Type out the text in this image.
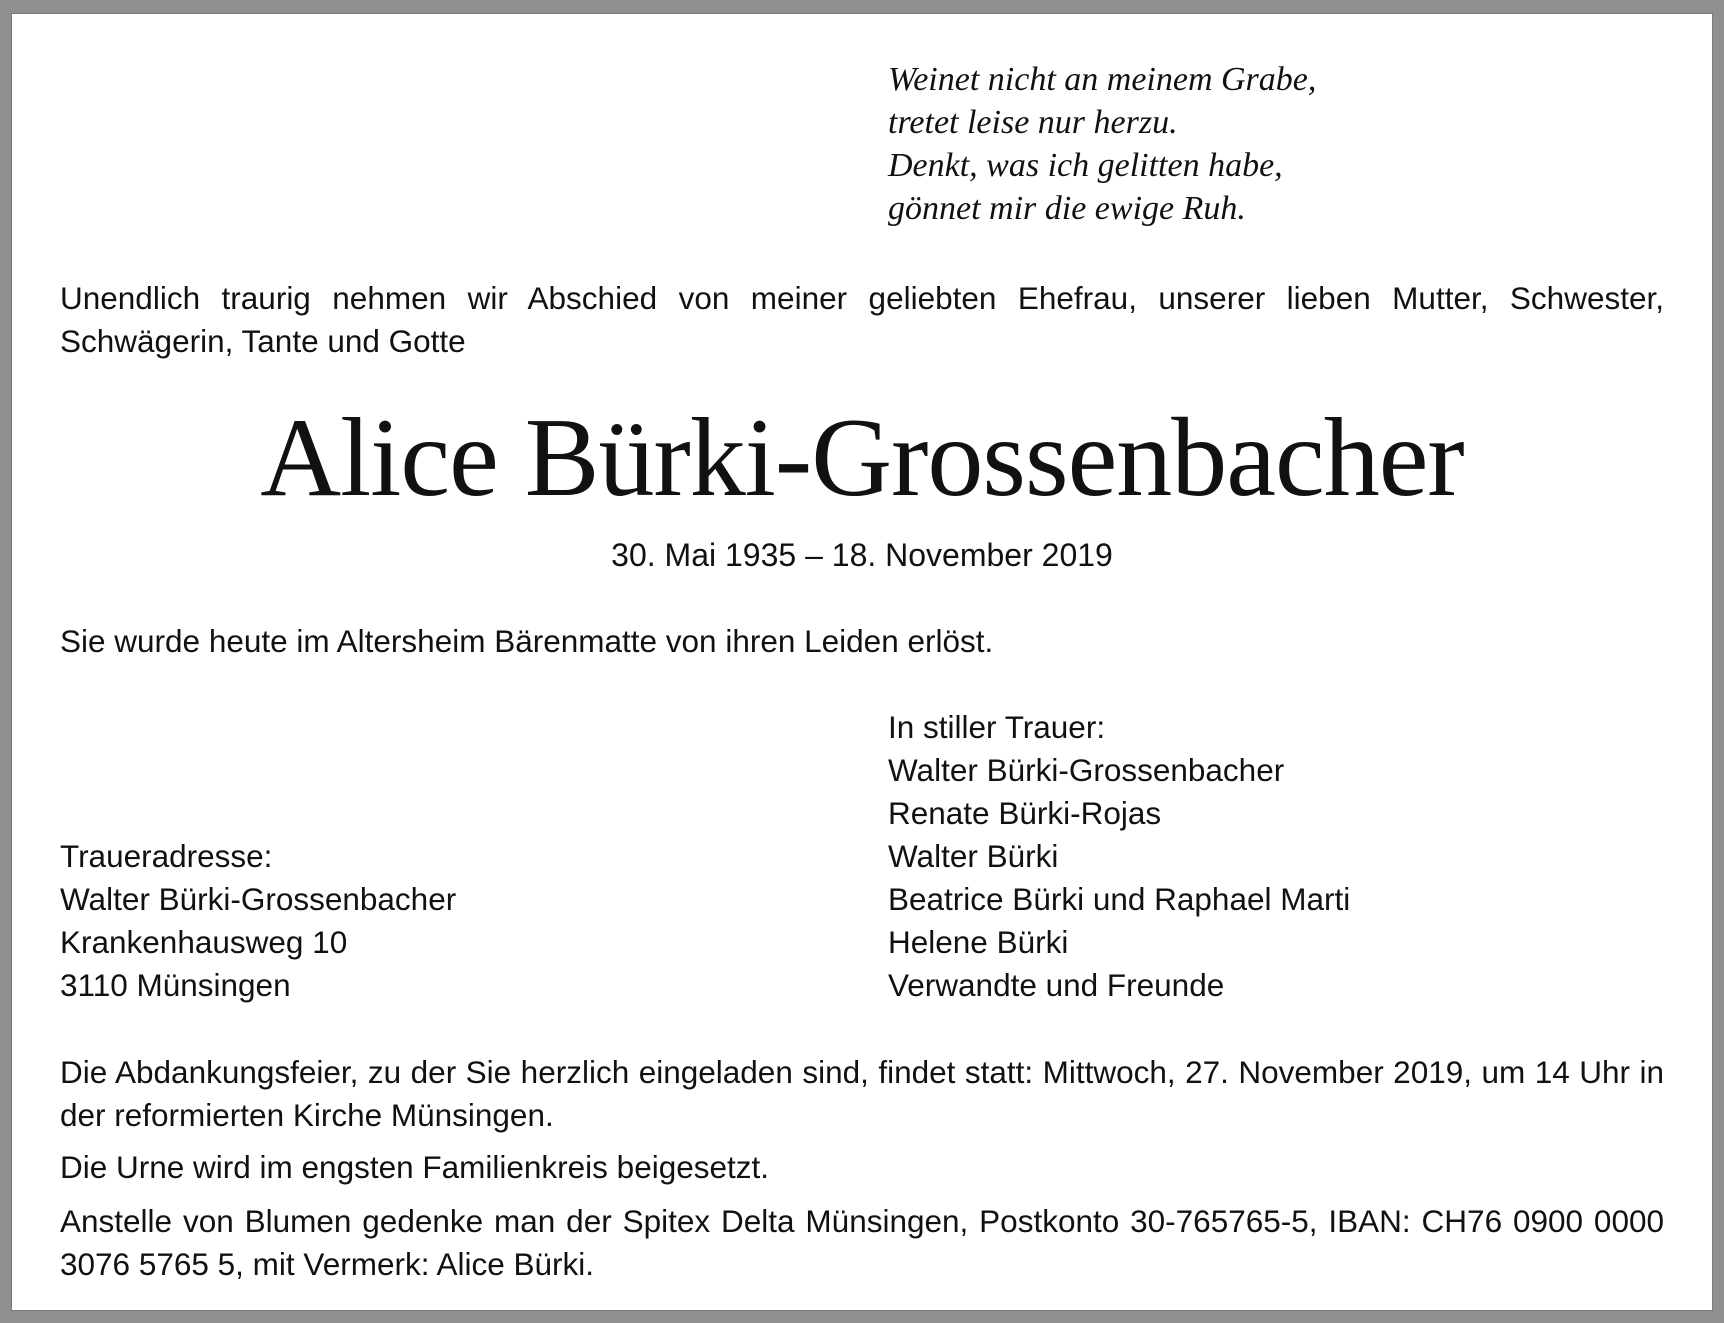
Weinet nicht an meinem Grabe,
tretet leise nur herzu.
Denkt, was ich gelitten habe,
gönnet mir die ewige Ruh.
Unendlich traurig nehmen wir Abschied von meiner geliebten Ehefrau, unserer lieben Mutter, Schwester, Schwägerin, Tante und Gotte
Alice Bürki-Grossenbacher
30. Mai 1935 – 18. November 2019
Sie wurde heute im Altersheim Bärenmatte von ihren Leiden erlöst.
In stiller Trauer:
Walter Bürki-Grossenbacher
Renate Bürki-Rojas
Walter Bürki
Beatrice Bürki und Raphael Marti
Helene Bürki
Verwandte und Freunde
Traueradresse:
Walter Bürki-Grossenbacher
Krankenhausweg 10
3110 Münsingen
Die Abdankungsfeier, zu der Sie herzlich eingeladen sind, findet statt: Mittwoch, 27. November 2019, um 14 Uhr in der reformierten Kirche Münsingen.
Die Urne wird im engsten Familienkreis beigesetzt.
Anstelle von Blumen gedenke man der Spitex Delta Münsingen, Postkonto 30-765765-5, IBAN: CH76 0900 0000 3076 5765 5, mit Vermerk: Alice Bürki.
